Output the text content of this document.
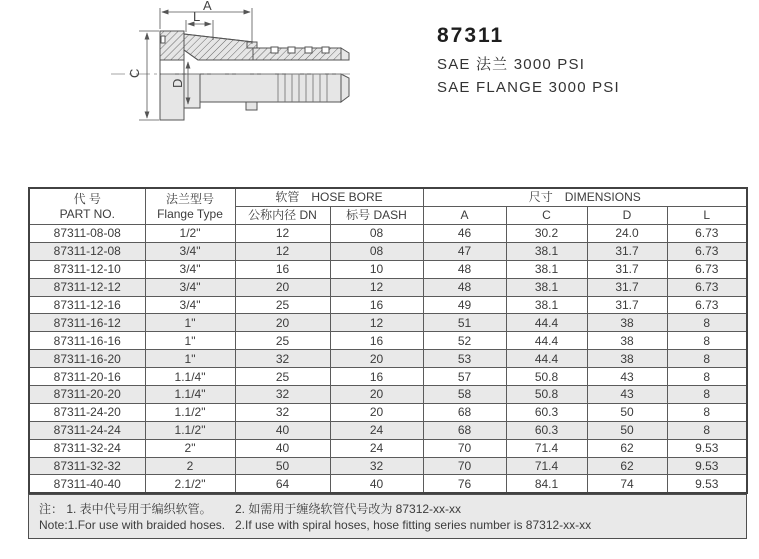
A
L
C
D
87311
SAE 法兰 3000 PSI
SAE FLANGE 3000 PSI
代 号
PART NO.

法兰型号
Flange Type
	软管　HOSE BORE	尺寸　DIMENSIONS
		公称内径 DN	标号 DASH	A	C	D	L
87311-08-08	1/2"	12	08	46	30.2	24.0	6.73
87311-12-08	3/4"	12	08	47	38.1	31.7	6.73
87311-12-10	3/4"	16	10	48	38.1	31.7	6.73
87311-12-12	3/4"	20	12	48	38.1	31.7	6.73
87311-12-16	3/4"	25	16	49	38.1	31.7	6.73
87311-16-12	1"	20	12	51	44.4	38	8
87311-16-16	1"	25	16	52	44.4	38	8
87311-16-20	1"	32	20	53	44.4	38	8
87311-20-16	1.1/4"	25	16	57	50.8	43	8
87311-20-20	1.1/4"	32	20	58	50.8	43	8
87311-24-20	1.1/2"	32	20	68	60.3	50	8
87311-24-24	1.1/2"	40	24	68	60.3	50	8
87311-32-24	2"	40	24	70	71.4	62	9.53
87311-32-32	2	50	32	70	71.4	62	9.53
87311-40-40	2.1/2"	64	40	76	84.1	74	9.53
注： 1. 表中代号用于编织软管。	2. 如需用于缠绕软管代号改为 87312-xx-xx
Note:1.For use with braided hoses. 2.If use with spiral hoses, hose fitting series number is 87312-xx-xx
